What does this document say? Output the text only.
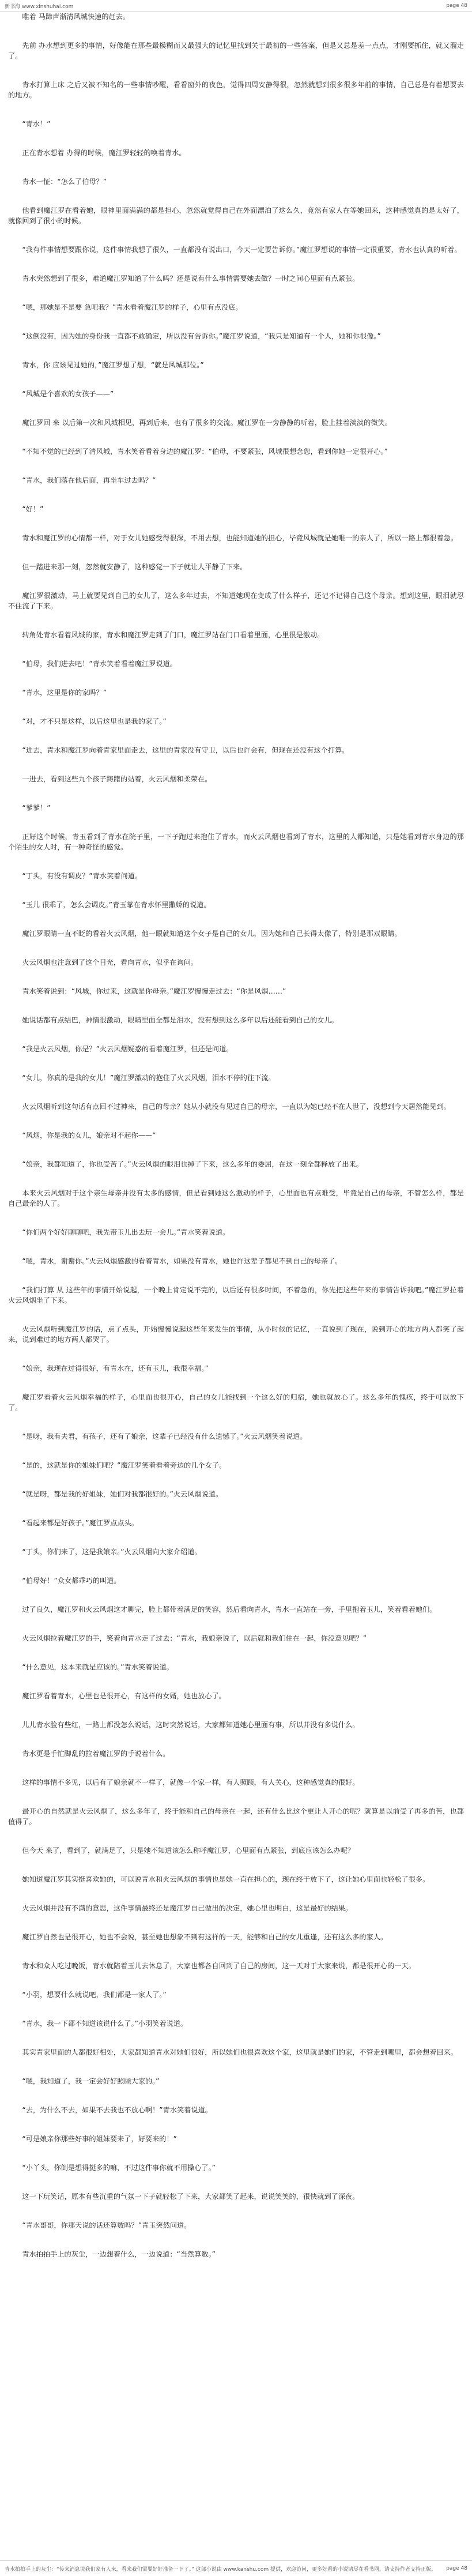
新书海 www.xinshuhai.com	page 48

唯着 马蹄声渐清风城快速的赶去。

先前 办水想到更多的事情，好像能在那些最模糊而又最强大的记忆里找到关于最初的一些答案，但是又总是差一点点，才刚要抓住，就又溜走了。

青水打算上床 之后又被不知名的一些事情吵醒，看看窗外的夜色，觉得四周安静得很，忽然就想到很多很多年前的事情，自己总是有着想要去的地方。

“青水！”

正在青水想着 办得的时候，魔江罗轻轻的唤着青水。

青水一怔：“怎么了伯母？”

他看到魔江罗在看着她，眼神里面满满的都是担心，忽然就觉得自己在外面漂泊了这么久，竟然有家人在等她回来，这种感觉真的是太好了，就像回到了很小的时候。

“我有件事情想要跟你说，这件事情我想了很久，一直都没有说出口，今天一定要告诉你。”魔江罗想说的事情一定很重要，青水也认真的听着。

青水突然想到了很多，难道魔江罗知道了什么吗？还是说有什么事情需要她去做？一时之间心里面有点紧张。

“嗯，那她是不是要 急吧我？”青水看着魔江罗的样子，心里有点没底。

“这倒没有，因为她的身份我一直都不敢确定，所以没有告诉你。”魔江罗说道，“我只是知道有一个人，她和你很像。”

青水，你 应该见过她的，”魔江罗想了想，“就是风城那位。”

“风城是个喜欢的女孩子——”

魔江罗回 来 以后第一次和风城相见，再到后来，也有了很多的交流。魔江罗在一旁静静的听着，脸上挂着淡淡的微笑。

“不知不觉的已经到了清风城，青水笑着看着身边的魔江罗：“伯母，不要紧张，风城很想念您，看到你她一定很开心。”

“青水，我们落在他后面，再坐车过去吗？”

“好！”

青水和魔江罗的心情都一样，对于女儿她感受得很深，不用去想，也能知道她的担心，毕竟风城就是她唯一的亲人了，所以一路上都很着急。

但一踏进来那一刻，忽然就安静了，这种感觉一下子就让人平静了下来。

魔江罗很激动，马上就要见到自己的女儿了，这么多年过去，不知道她现在变成了什么样子，还记不记得自己这个母亲。想到这里，眼泪就忍不住流了下来。

转角处青水看着风城的家，青水和魔江罗走到了门口，魔江罗站在门口看着里面，心里很是激动。

“伯母，我们进去吧！”青水笑着看着魔江罗说道。

“青水，这里是你的家吗？”

“对，才不只是这样，以后这里也是我的家了。”

“进去，青水和魔江罗向着青家里面走去，这里的青家没有守卫，以后也许会有，但现在还没有这个打算。

一进去，看到这些九个孩子踌躇的站着，火云风烟和柔荣在。

“爹爹！”

正好这个时候，青玉看到了青水在院子里，一下子跑过来抱住了青水，而火云风烟也看到了青水，这里的人都知道，只是她看到青水身边的那个陌生的女人时，有一种奇怪的感觉。

“丁头，有没有调皮？”青水笑着问道。

“玉儿 很乖了，怎么会调皮。”青玉靠在青水怀里撒娇的说道。

魔江罗眼睛一直不眨的看着火云风烟，他一眼就知道这个女子是自己的女儿，因为她和自己长得太像了，特别是那双眼睛。

火云风烟也注意到了这个目光，看向青水，似乎在询问。

青水笑着说到：“风城，你过来，这就是你母亲。”魔江罗慢慢走过去：“你是风烟……”

她说话都有点结巴，神情很激动，眼睛里面全都是泪水，没有想到这么多年以后还能看到自己的女儿。

“我是火云风烟，你是？”火云风烟疑惑的看着魔江罗，但还是问道。

“女儿，你真的是我的女儿！”魔江罗激动的抱住了火云风烟，泪水不停的往下流。

火云风烟听到这句话有点回不过神来，自己的母亲？她从小就没有见过自己的母亲，一直以为她已经不在人世了，没想到今天居然能见到。

“风烟，你是我的女儿，娘亲对不起你——”

“娘亲，我都知道了，你也受苦了。”火云风烟的眼泪也掉了下来，这么多年的委屈，在这一刻全都释放了出来。

本来火云风烟对于这个亲生母亲并没有太多的感情，但是看到她这么激动的样子，心里面也有点难受，毕竟是自己的母亲，不管怎么样，都是自己最亲的人了。

“你们两个好好聊聊吧，我先带玉儿出去玩一会儿。”青水笑着说道。

“嗯，青水，谢谢你。”火云风烟感激的看着青水，如果没有青水，她也许这辈子都见不到自己的母亲了。

“我们打算 从 这些年的事情开始说起，一个晚上肯定说不完的，以后还有很多时间，不着急的，你先把这些年来的事情告诉我吧。”魔江罗拉着火云风烟坐了下来。

火云风烟听到魔江罗的话，点了点头，开始慢慢说起这些年来发生的事情，从小时候的记忆，一直说到了现在，说到开心的地方两人都笑了起来，说到难过的地方两人都哭了。

“娘亲，我现在过得很好，有青水在，还有玉儿，我很幸福。”

魔江罗看着火云风烟幸福的样子，心里面也很开心，自己的女儿能找到一个这么好的归宿，她也就放心了。这么多年的愧疚，终于可以放下了。

“是呀，我有夫君，有孩子，还有了娘亲，这辈子已经没有什么遗憾了。”火云风烟笑着说道。

“是的，这就是你的姐妹们吧？”魔江罗笑着看着旁边的几个女子。

“就是呀，都是我的好姐妹，她们对我都很好的。”火云风烟说道。

“看起来都是好孩子。”魔江罗点点头。

“丁头，你们来了，这是我娘亲。”火云风烟向大家介绍道。

“伯母好！”众女都乖巧的叫道。

过了良久，魔江罗和火云风烟这才聊完，脸上都带着满足的笑容，然后看向青水，青水一直站在一旁，手里抱着玉儿，笑着看着她们。

火云风烟拉着魔江罗的手，笑着向青水走了过去：“青水，我娘亲说了，以后就和我们住在一起，你没意见吧？”

“什么意见，这本来就是应该的。”青水笑着说道。

魔江罗看着青水，心里也是很开心，有这样的女婿，她也放心了。

儿儿青水脸有些红，一路上都没怎么说话，这时突然说话，大家都知道她心里面有事，所以并没有多说什么。

青水更是手忙脚乱的拉着魔江罗的手说着什么。

这样的事情不多见，以后有了娘亲就不一样了，就像一个家一样，有人照顾，有人关心，这种感觉真的很好。

最开心的自然就是火云风烟了，这么多年了，终于能和自己的母亲在一起，还有什么比这个更让人开心的呢？就算是以前受了再多的苦，也都值得了。

但今天 来了，看到了，就满足了，只是她不知道该怎么称呼魔江罗，心里面有点紧张，到底应该怎么办呢？

她知道魔江罗其实挺喜欢她的，可以说青水和火云风烟的事情也是她一直在担心的，现在终于放下了，这让她心里面也轻松了很多。

火云风烟并没有不满的意思，这件事情最终还是魔江罗自己做出的决定，她心里也明白，这是最好的结果。

魔江罗自然也是很开心，她也不会说，甚至她也想象不到有这样的一天，能够和自己的女儿重逢，还有这么多的家人。

青水和众人吃过晚饭，青水就陪着玉儿去休息了，大家也都各自回到了自己的房间，这一天对于大家来说，都是很开心的一天。

“小羽，想要什么就说吧，我们都是一家人了。”

“青水，我一下都不知道该说什么了。”小羽笑着说道。

其实青家里面的人都很好相处，大家都知道青水对她们很好，所以她们也很喜欢这个家，这里就是她们的家，不管走到哪里，都会想着回来。

“嗯，我知道了，我一定会好好照顾大家的。”

“去，为什么不去，如果不去我也不放心啊！”青水笑着说道。

“可是娘亲你那些好事的姐妹要来了，好要来的！”

“小丫头，你倒是想得挺多的嘛，不过这件事你就不用操心了。”

这一下玩笑话，原本有些沉重的气氛一下子就轻松了下来，大家都笑了起来，说说笑笑的，很快就到了深夜。

“青水哥哥，你那天说的话还算数吗？”青玉突然问道。

青水拍拍手上的灰尘，一边想着什么，一边说道：“当然算数。”

青水拍拍手上的灰尘：“传来消息说我们家有人来，看来我们需要好好准备一下了。” 这部小说由 www.kanshu.com 提供，欢迎访问，更多好看的小说请尽在看书网，请支持作者支持正版。 page 48
